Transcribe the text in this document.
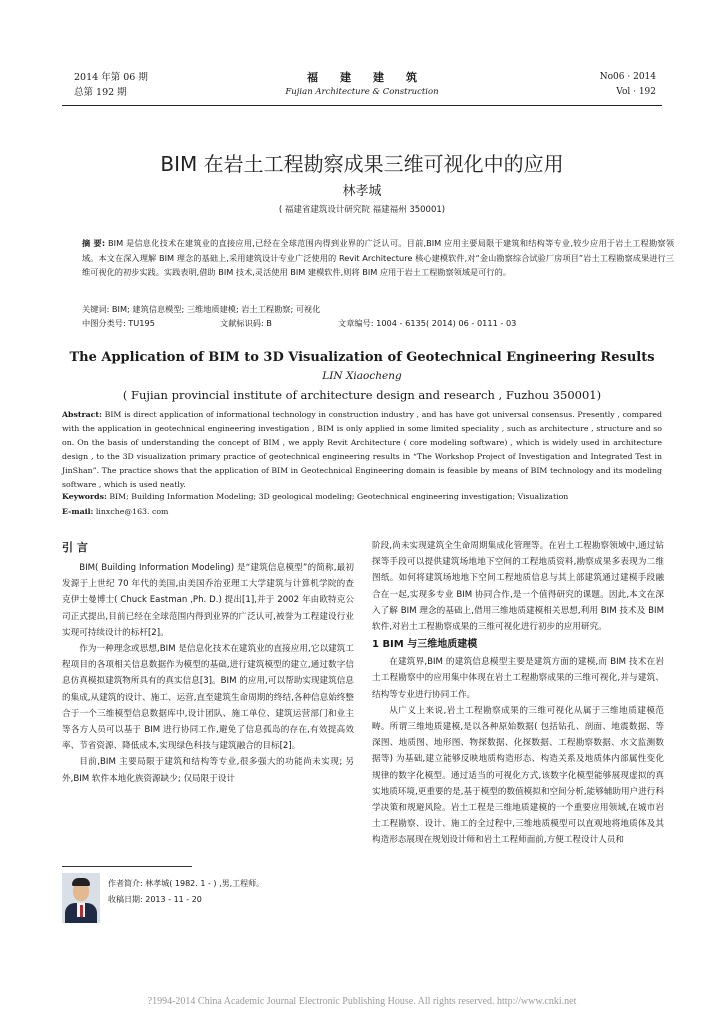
2014 年第 06 期
总第 192 期
福建建筑
Fujian Architecture & Construction
No06 · 2014
Vol · 192
BIM 在岩土工程勘察成果三维可视化中的应用
林孝城
( 福建省建筑设计研究院 福建福州 350001)
摘 要: BIM 是信息化技术在建筑业的直接应用,已经在全球范围内得到业界的广泛认可。目前,BIM 应用主要局限于建筑和结构等专业,较少应用于岩土工程勘察领域。本文在深入理解 BIM 理念的基础上,采用建筑设计专业广泛使用的 Revit Architecture 核心建模软件,对“金山勘察综合试验厂房项目”岩土工程勘察成果进行三维可视化的初步实践。实践表明,借助 BIM 技术,灵活使用 BIM 建模软件,则将 BIM 应用于岩土工程勘察领域是可行的。
关键词: BIM; 建筑信息模型; 三维地质建模; 岩土工程勘察; 可视化
中图分类号: TU195	文献标识码: B	文章编号: 1004 - 6135( 2014) 06 - 0111 - 03
The Application of BIM to 3D Visualization of Geotechnical Engineering Results
LIN Xiaocheng
( Fujian provincial institute of architecture design and research , Fuzhou 350001)
Abstract: BIM is direct application of informational technology in construction industry , and has have got universal consensus. Presently , compared with the application in geotechnical engineering investigation , BIM is only applied in some limited speciality , such as architecture , structure and so on. On the basis of understanding the concept of BIM , we apply Revit Architecture ( core modeling software) , which is widely used in architecture design , to the 3D visualization primary practice of geotechnical engineering results in “The Workshop Project of Investigation and Integrated Test in JinShan”. The practice shows that the application of BIM in Geotechnical Engineering domain is feasible by means of BIM technology and its modeling software , which is used neatly.
Keywords: BIM; Building Information Modeling; 3D geological modeling; Geotechnical engineering investigation; Visualization
E-mail: linxche@163. com
引 言

BIM( Building Information Modeling) 是“建筑信息模型”的简称,最初发源于上世纪 70 年代的美国,由美国乔治亚理工大学建筑与计算机学院的查克伊士曼博士( Chuck Eastman ,Ph. D.) 提出[1],并于 2002 年由欧特克公司正式提出,目前已经在全球范围内得到业界的广泛认可,被誉为工程建设行业实现可持续设计的标杆[2]。

作为一种理念或思想,BIM 是信息化技术在建筑业的直接应用,它以建筑工程项目的各项相关信息数据作为模型的基础,进行建筑模型的建立,通过数字信息仿真模拟建筑物所具有的真实信息[3]。BIM 的应用,可以帮助实现建筑信息的集成,从建筑的设计、施工、运营,直至建筑生命周期的终结,各种信息始终整合于一个三维模型信息数据库中,设计团队、施工单位、建筑运营部门和业主等各方人员可以基于 BIM 进行协同工作,避免了信息孤岛的存在,有效提高效率、节省资源、降低成本,实现绿色科技与建筑融合的目标[2]。

目前,BIM 主要局限于建筑和结构等专业,很多强大的功能尚未实现; 另外,BIM 软件本地化族资源缺少; 仅局限于设计

阶段,尚未实现建筑全生命周期集成化管理等。在岩土工程勘察领域中,通过钻探等手段可以提供建筑场地地下空间的工程地质资料,勘察成果多表现为二维图纸。如何将建筑场地地下空间工程地质信息与其上部建筑通过建模手段融合在一起,实现多专业 BIM 协同合作,是一个值得研究的课题。因此,本文在深入了解 BIM 理念的基础上,借用三维地质建模相关思想,利用 BIM 技术及 BIM 软件,对岩土工程勘察成果的三维可视化进行初步的应用研究。

1 BIM 与三维地质建模

在建筑界,BIM 的建筑信息模型主要是建筑方面的建模,而 BIM 技术在岩土工程勘察中的应用集中体现在岩土工程勘察成果的三维可视化,并与建筑、结构等专业进行协同工作。

从广义上来说,岩土工程勘察成果的三维可视化从属于三维地质建模范畴。所谓三维地质建模,是以各种原始数据( 包括钻孔、剖面、地震数据、等深图、地质图、地形图、物探数据、化探数据、工程勘察数据、水文监测数据等) 为基础,建立能够反映地质构造形态、构造关系及地质体内部属性变化规律的数字化模型。通过适当的可视化方式,该数字化模型能够展现虚拟的真实地质环境,更重要的是,基于模型的数值模拟和空间分析,能够辅助用户进行科学决策和规避风险。岩土工程是三维地质建模的一个重要应用领域,在城市岩土工程勘察、设计、施工的全过程中,三维地质模型可以直观地将地质体及其构造形态展现在规划设计师和岩土工程师面前,方便工程设计人员和

作者简介: 林孝城( 1982. 1 - ) ,男,工程师。
收稿日期: 2013 - 11 - 20
?1994-2014 China Academic Journal Electronic Publishing House. All rights reserved. http://www.cnki.net
